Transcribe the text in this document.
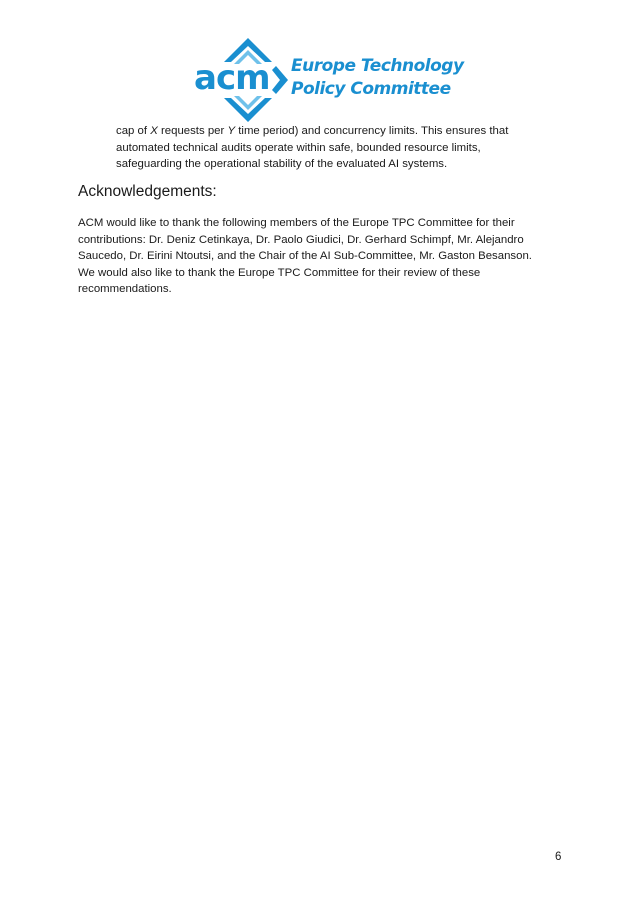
acm Europe Technology
Policy Committee

cap of X requests per Y time period) and concurrency limits. This ensures that
automated technical audits operate within safe, bounded resource limits,
safeguarding the operational stability of the evaluated AI systems.

Acknowledgements:

ACM would like to thank the following members of the Europe TPC Committee for their
contributions: Dr. Deniz Cetinkaya, Dr. Paolo Giudici, Dr. Gerhard Schimpf, Mr. Alejandro
Saucedo, Dr. Eirini Ntoutsi, and the Chair of the AI Sub-Committee, Mr. Gaston Besanson.
We would also like to thank the Europe TPC Committee for their review of these
recommendations.

6
